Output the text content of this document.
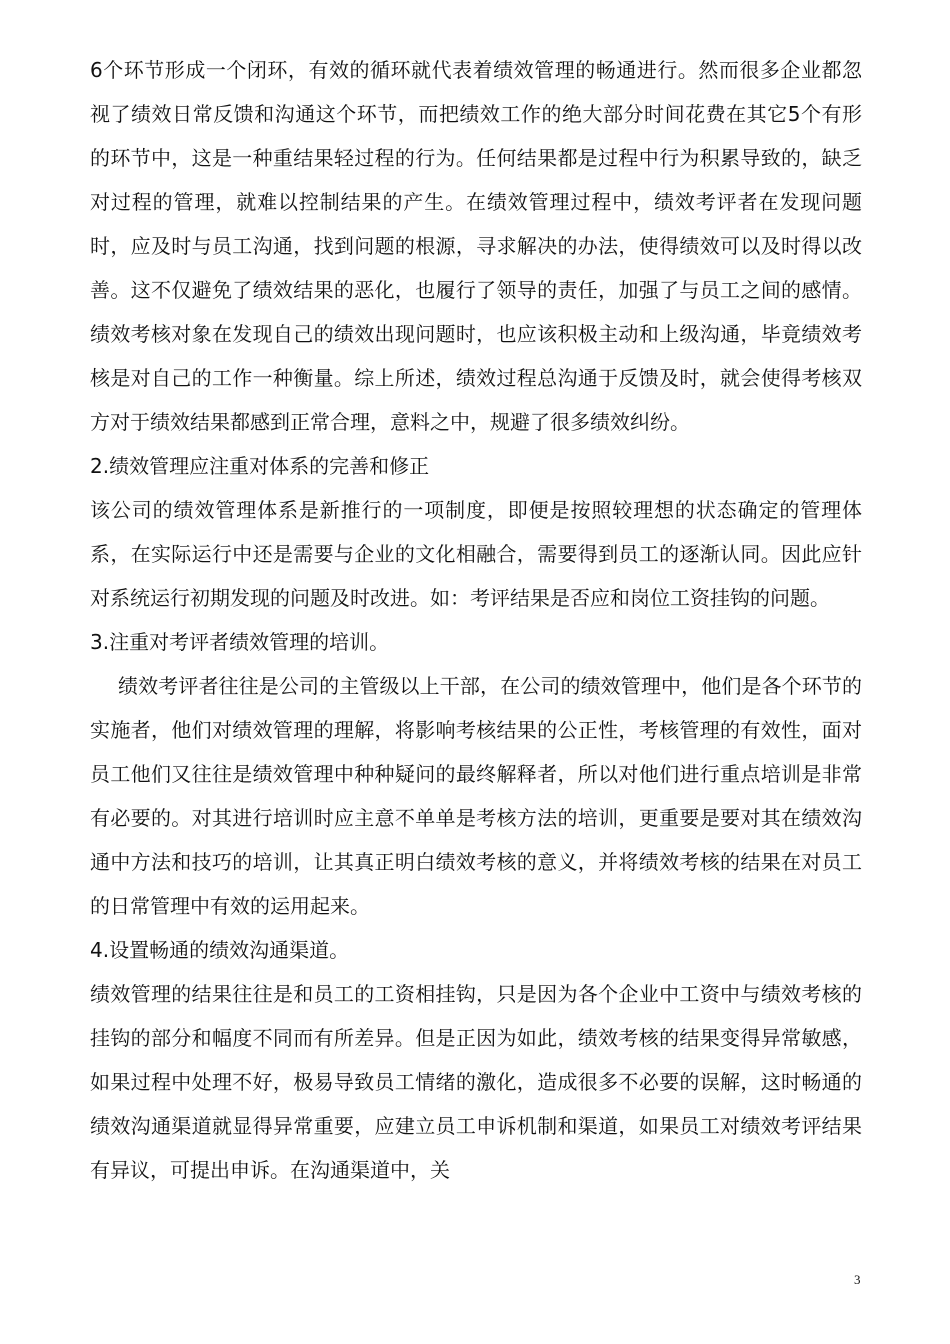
6个环节形成一个闭环，有效的循环就代表着绩效管理的畅通进行。然而很多企业都忽视了绩效日常反馈和沟通这个环节，而把绩效工作的绝大部分时间花费在其它5个有形的环节中，这是一种重结果轻过程的行为。任何结果都是过程中行为积累导致的，缺乏对过程的管理，就难以控制结果的产生。在绩效管理过程中，绩效考评者在发现问题时，应及时与员工沟通，找到问题的根源，寻求解决的办法，使得绩效可以及时得以改善。这不仅避免了绩效结果的恶化，也履行了领导的责任，加强了与员工之间的感情。绩效考核对象在发现自己的绩效出现问题时，也应该积极主动和上级沟通，毕竟绩效考核是对自己的工作一种衡量。综上所述，绩效过程总沟通于反馈及时，就会使得考核双方对于绩效结果都感到正常合理，意料之中，规避了很多绩效纠纷。

2.绩效管理应注重对体系的完善和修正

该公司的绩效管理体系是新推行的一项制度，即便是按照较理想的状态确定的管理体系，在实际运行中还是需要与企业的文化相融合，需要得到员工的逐渐认同。因此应针对系统运行初期发现的问题及时改进。如：考评结果是否应和岗位工资挂钩的问题。

3.注重对考评者绩效管理的培训。

绩效考评者往往是公司的主管级以上干部，在公司的绩效管理中，他们是各个环节的实施者，他们对绩效管理的理解，将影响考核结果的公正性，考核管理的有效性，面对员工他们又往往是绩效管理中种种疑问的最终解释者，所以对他们进行重点培训是非常有必要的。对其进行培训时应主意不单单是考核方法的培训，更重要是要对其在绩效沟通中方法和技巧的培训，让其真正明白绩效考核的意义，并将绩效考核的结果在对员工的日常管理中有效的运用起来。

4.设置畅通的绩效沟通渠道。

绩效管理的结果往往是和员工的工资相挂钩，只是因为各个企业中工资中与绩效考核的挂钩的部分和幅度不同而有所差异。但是正因为如此，绩效考核的结果变得异常敏感，如果过程中处理不好，极易导致员工情绪的激化，造成很多不必要的误解，这时畅通的绩效沟通渠道就显得异常重要，应建立员工申诉机制和渠道，如果员工对绩效考评结果有异议，可提出申诉。在沟通渠道中，关

3
